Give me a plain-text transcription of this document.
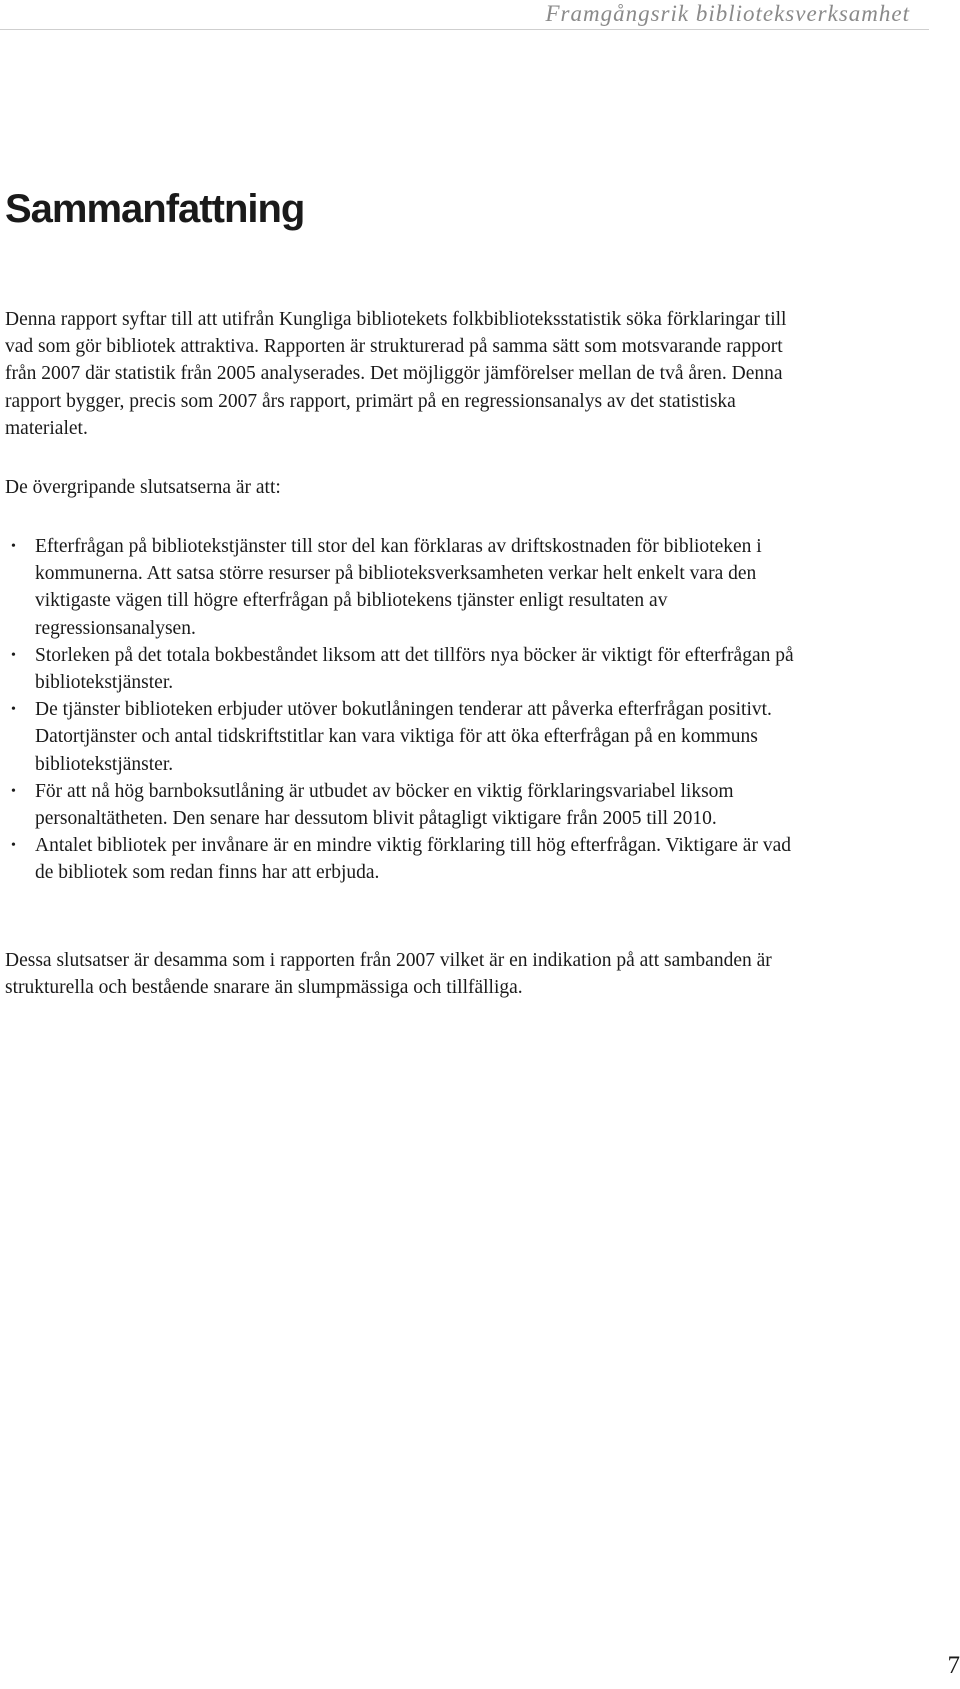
Framgångsrik biblioteksverksamhet
Sammanfattning

Denna rapport syftar till att utifrån Kungliga bibliotekets folkbiblioteksstatistik söka förklaringar till vad som gör bibliotek attraktiva. Rapporten är strukturerad på samma sätt som motsvarande rapport från 2007 där statistik från 2005 analyserades. Det möjliggör jämförelser mellan de två åren. Denna rapport bygger, precis som 2007 års rapport, primärt på en regressionsanalys av det statistiska materialet.

De övergripande slutsatserna är att:

• Efterfrågan på bibliotekstjänster till stor del kan förklaras av driftskostnaden för biblioteken i kommunerna. Att satsa större resurser på biblioteksverksamheten verkar helt enkelt vara den viktigaste vägen till högre efterfrågan på bibliotekens tjänster enligt resultaten av regressionsanalysen.
• Storleken på det totala bokbeståndet liksom att det tillförs nya böcker är viktigt för efterfrågan på bibliotekstjänster.
• De tjänster biblioteken erbjuder utöver bokutlåningen tenderar att påverka efterfrågan positivt. Datortjänster och antal tidskriftstitlar kan vara viktiga för att öka efterfrågan på en kommuns bibliotekstjänster.
• För att nå hög barnboksutlåning är utbudet av böcker en viktig förklaringsvariabel liksom personaltätheten. Den senare har dessutom blivit påtagligt viktigare från 2005 till 2010.
• Antalet bibliotek per invånare är en mindre viktig förklaring till hög efterfrågan. Viktigare är vad de bibliotek som redan finns har att erbjuda.

Dessa slutsatser är desamma som i rapporten från 2007 vilket är en indikation på att sambanden är strukturella och bestående snarare än slumpmässiga och tillfälliga.

7
